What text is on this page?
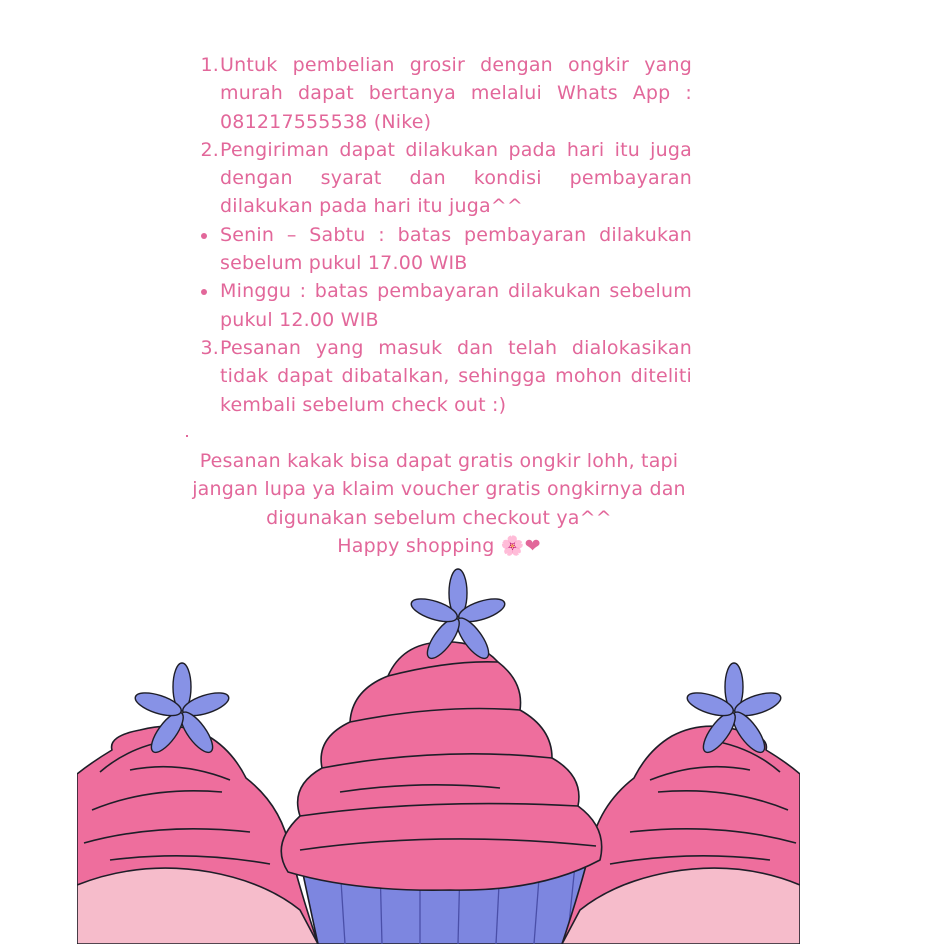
1. Untuk pembelian grosir dengan ongkir yang murah dapat bertanya melalui Whats App : 081217555538 (Nike)
2. Pengiriman dapat dilakukan pada hari itu juga dengan syarat dan kondisi pembayaran dilakukan pada hari itu juga^^
Senin – Sabtu : batas pembayaran dilakukan sebelum pukul 17.00 WIB
Minggu : batas pembayaran dilakukan sebelum pukul 12.00 WIB
3. Pesanan yang masuk dan telah dialokasikan tidak dapat dibatalkan, sehingga mohon diteliti kembali sebelum check out :)

Pesanan kakak bisa dapat gratis ongkir lohh, tapi jangan lupa ya klaim voucher gratis ongkirnya dan digunakan sebelum checkout ya^^

Happy shopping 🌸❤
